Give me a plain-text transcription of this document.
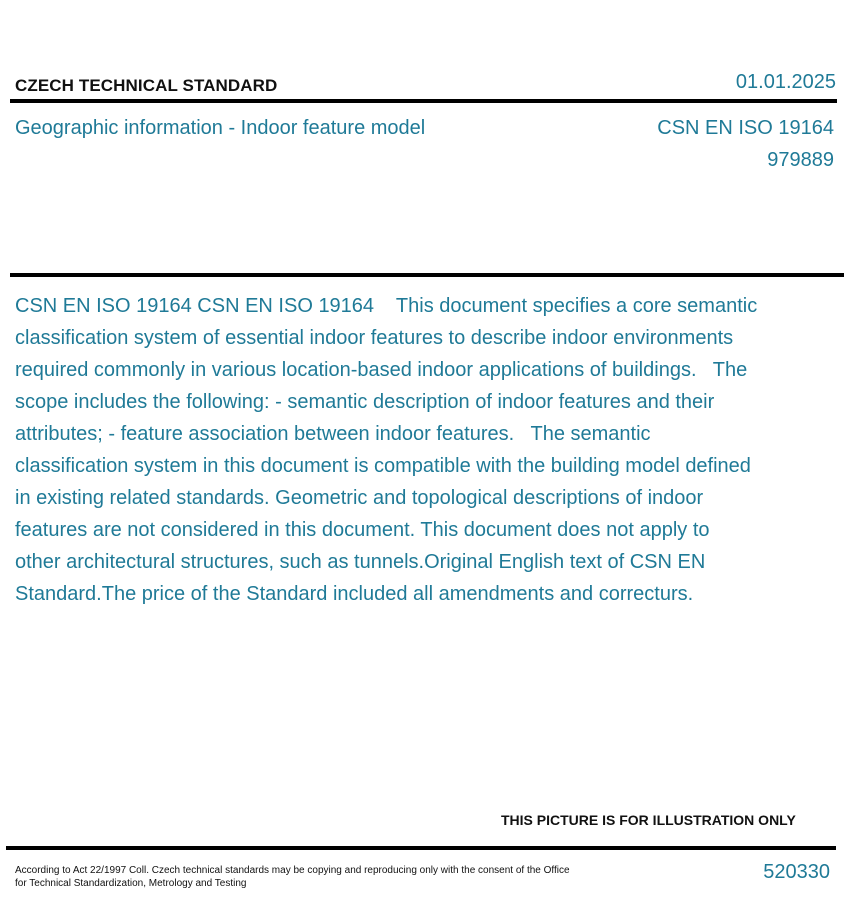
CZECH TECHNICAL STANDARD	01.01.2025
Geographic information - Indoor feature model	CSN EN ISO 19164
979889

CSN EN ISO 19164 CSN EN ISO 19164    This document specifies a core semantic classification system of essential indoor features to describe indoor environments required commonly in various location-based indoor applications of buildings.   The scope includes the following: - semantic description of indoor features and their attributes; - feature association between indoor features.   The semantic classification system in this document is compatible with the building model defined in existing related standards. Geometric and topological descriptions of indoor features are not considered in this document. This document does not apply to other architectural structures, such as tunnels.Original English text of CSN EN Standard.The price of the Standard included all amendments and correcturs.

THIS PICTURE IS FOR ILLUSTRATION ONLY
According to Act 22/1997 Coll. Czech technical standards may be copying and reproducing only with the consent of the Office for Technical Standardization, Metrology and Testing
520330
